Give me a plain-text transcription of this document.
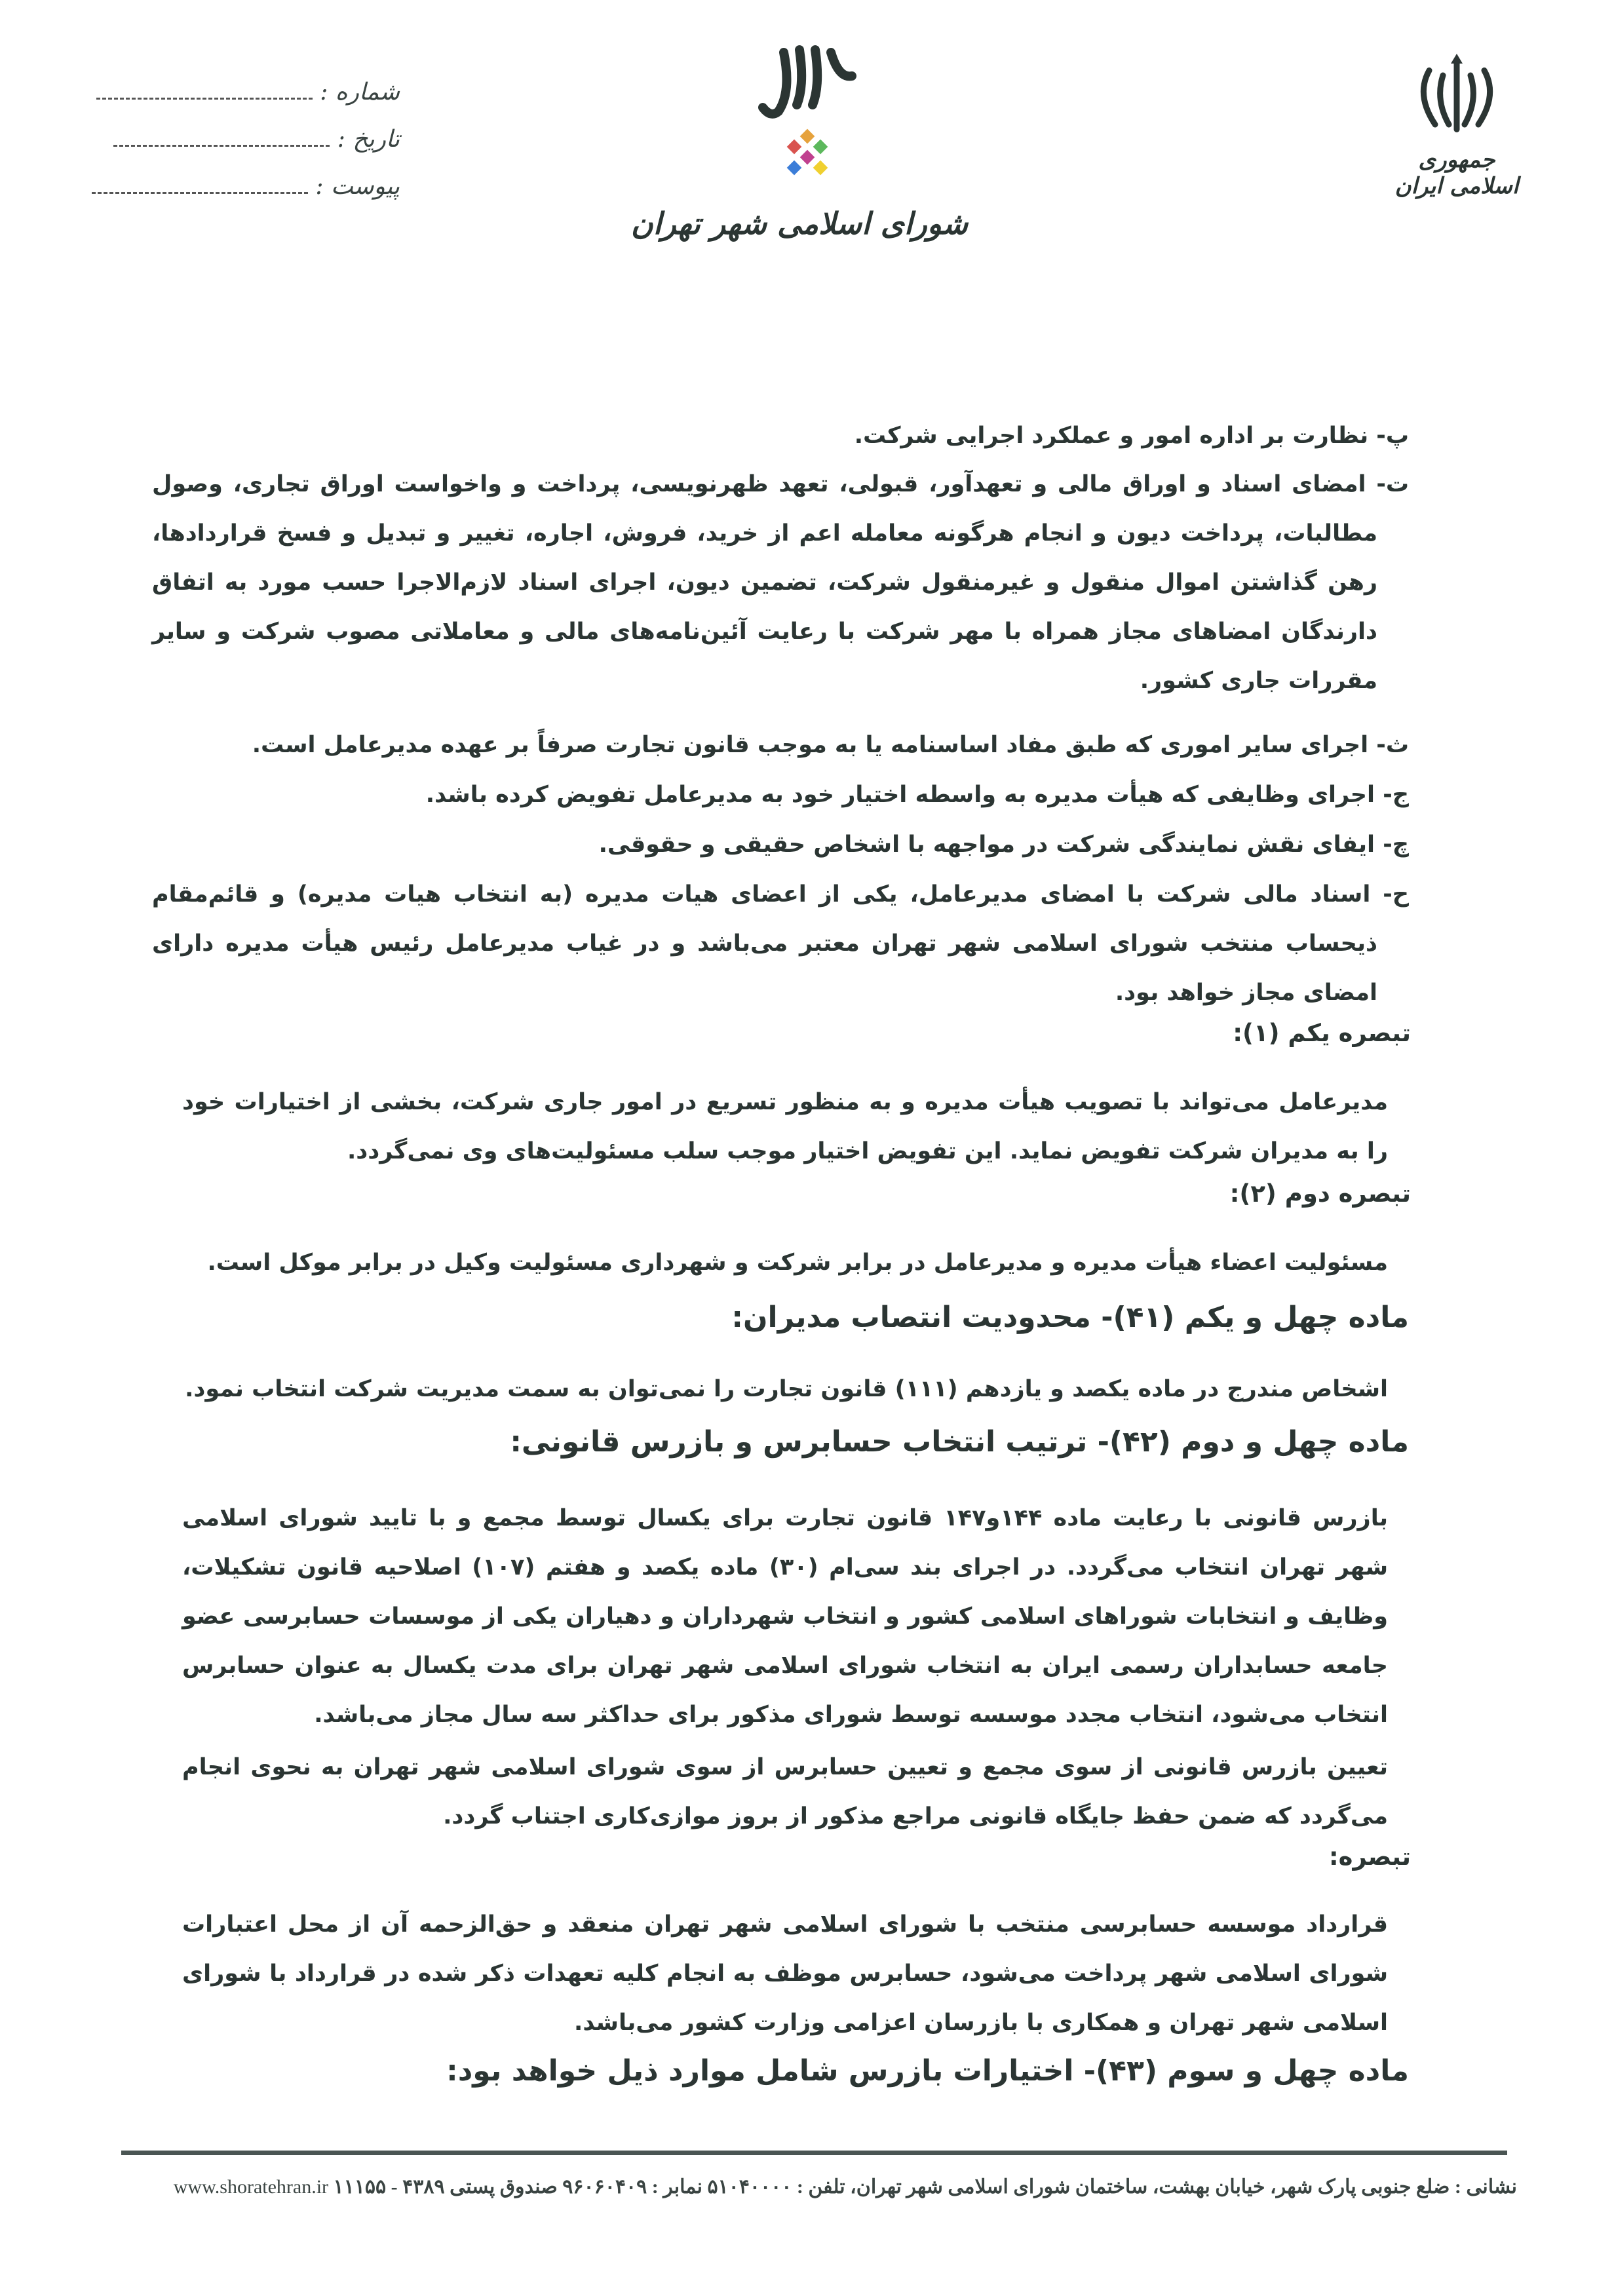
جمهوری اسلامی ایران
شورای اسلامی شهر تهران
شماره :
تاریخ :
پیوست :
پ- نظارت بر اداره امور و عملکرد اجرایی شرکت.
ت- امضای اسناد و اوراق مالی و تعهدآور، قبولی، تعهد ظهرنویسی، پرداخت و واخواست اوراق تجاری، وصول مطالبات، پرداخت دیون و انجام هرگونه معامله اعم از خرید، فروش، اجاره، تغییر و تبدیل و فسخ قراردادها، رهن گذاشتن اموال منقول و غیرمنقول شرکت، تضمین دیون، اجرای اسناد لازم‌الاجرا حسب مورد به اتفاق دارندگان امضاهای مجاز همراه با مهر شرکت با رعایت آئین‌نامه‌های مالی و معاملاتی مصوب شرکت و سایر مقررات جاری کشور.
ث- اجرای سایر اموری که طبق مفاد اساسنامه یا به موجب قانون تجارت صرفاً بر عهده مدیرعامل است.
ج- اجرای وظایفی که هیأت مدیره به واسطه اختیار خود به مدیرعامل تفویض کرده باشد.
چ- ایفای نقش نمایندگی شرکت در مواجهه با اشخاص حقیقی و حقوقی.
ح- اسناد مالی شرکت با امضای مدیرعامل، یکی از اعضای هیات مدیره (به انتخاب هیات مدیره) و قائم‌مقام ذیحساب منتخب شورای اسلامی شهر تهران معتبر می‌باشد و در غیاب مدیرعامل رئیس هیأت مدیره دارای امضای مجاز خواهد بود.
تبصره یکم (۱):
مدیرعامل می‌تواند با تصویب هیأت مدیره و به منظور تسریع در امور جاری شرکت، بخشی از اختیارات خود را به مدیران شرکت تفویض نماید. این تفویض اختیار موجب سلب مسئولیت‌های وی نمی‌گردد.
تبصره دوم (۲):
مسئولیت اعضاء هیأت مدیره و مدیرعامل در برابر شرکت و شهرداری مسئولیت وکیل در برابر موکل است.
ماده چهل و یکم (۴۱)- محدودیت انتصاب مدیران:
اشخاص مندرج در ماده یکصد و یازدهم (۱۱۱) قانون تجارت را نمی‌توان به سمت مدیریت شرکت انتخاب نمود.
ماده چهل و دوم (۴۲)- ترتیب انتخاب حسابرس و بازرس قانونی:
بازرس قانونی با رعایت ماده ۱۴۴و۱۴۷ قانون تجارت برای یکسال توسط مجمع و با تایید شورای اسلامی شهر تهران انتخاب می‌گردد. در اجرای بند سی‌ام (۳۰) ماده یکصد و هفتم (۱۰۷) اصلاحیه قانون تشکیلات، وظایف و انتخابات شوراهای اسلامی کشور و انتخاب شهرداران و دهیاران یکی از موسسات حسابرسی عضو جامعه حسابداران رسمی ایران به انتخاب شورای اسلامی شهر تهران برای مدت یکسال به عنوان حسابرس انتخاب می‌شود، انتخاب مجدد موسسه توسط شورای مذکور برای حداکثر سه سال مجاز می‌باشد.
تعیین بازرس قانونی از سوی مجمع و تعیین حسابرس از سوی شورای اسلامی شهر تهران به نحوی انجام می‌گردد که ضمن حفظ جایگاه قانونی مراجع مذکور از بروز موازی‌کاری اجتناب گردد.
تبصره:
قرارداد موسسه حسابرسی منتخب با شورای اسلامی شهر تهران منعقد و حق‌الزحمه آن از محل اعتبارات شورای اسلامی شهر پرداخت می‌شود، حسابرس موظف به انجام کلیه تعهدات ذکر شده در قرارداد با شورای اسلامی شهر تهران و همکاری با بازرسان اعزامی وزارت کشور می‌باشد.
ماده چهل و سوم (۴۳)- اختیارات بازرس شامل موارد ذیل خواهد بود:
نشانی : ضلع جنوبی پارک شهر، خیابان بهشت، ساختمان شورای اسلامی شهر تهران، تلفن : ۵۱۰۴۰۰۰۰ نمابر : ۹۶۰۶۰۴۰۹ صندوق پستی ۴۳۸۹ - ۱۱۱۵۵ www.shoratehran.ir
